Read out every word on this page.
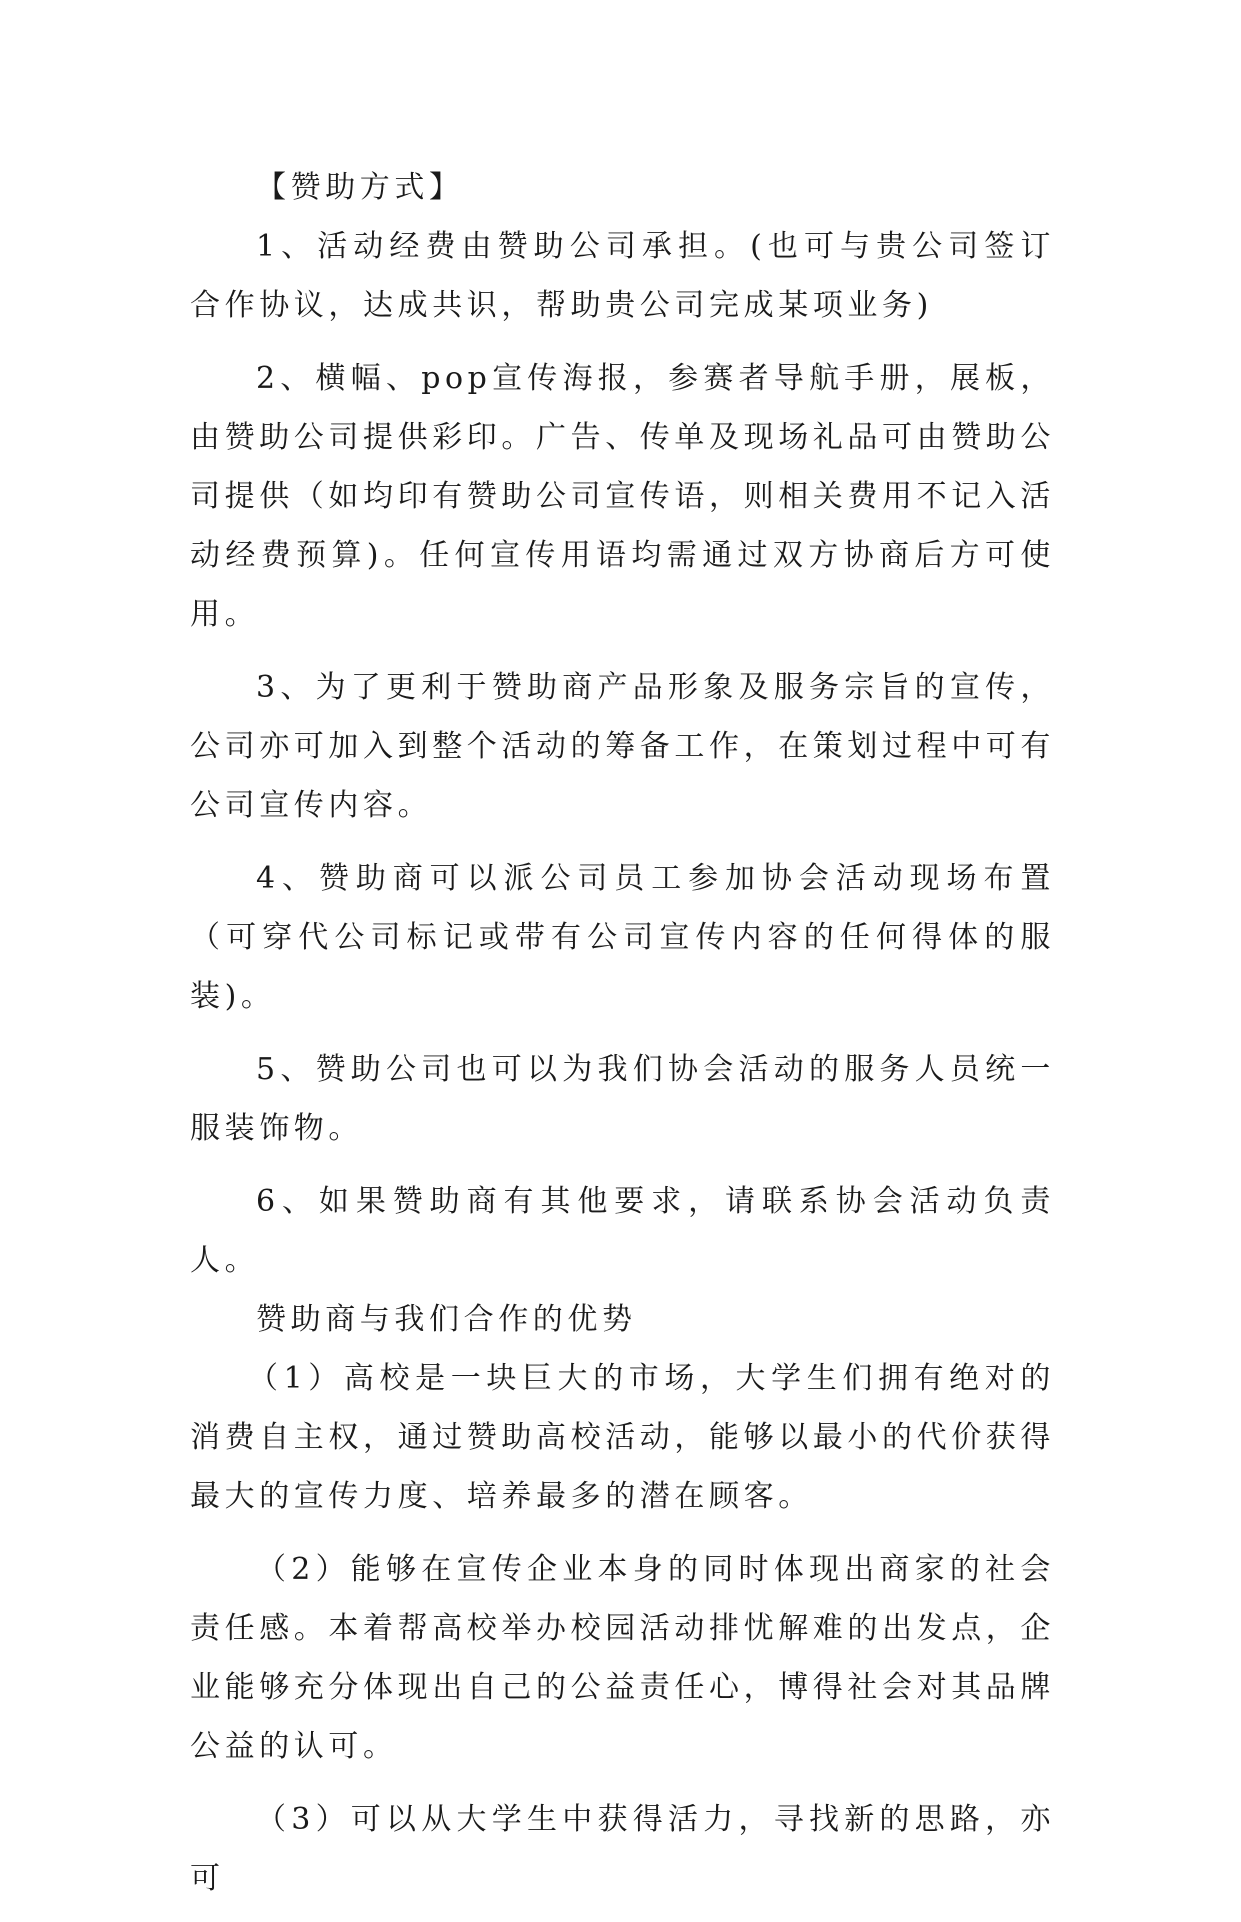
【赞助方式】

1、活动经费由赞助公司承担。(也可与贵公司签订合作协议，达成共识，帮助贵公司完成某项业务)

2、横幅、pop宣传海报，参赛者导航手册，展板，由赞助公司提供彩印。广告、传单及现场礼品可由赞助公司提供（如均印有赞助公司宣传语，则相关费用不记入活动经费预算)。任何宣传用语均需通过双方协商后方可使用。

3、为了更利于赞助商产品形象及服务宗旨的宣传，公司亦可加入到整个活动的筹备工作，在策划过程中可有公司宣传内容。

4、赞助商可以派公司员工参加协会活动现场布置（可穿代公司标记或带有公司宣传内容的任何得体的服装)。

5、赞助公司也可以为我们协会活动的服务人员统一服装饰物。

6、如果赞助商有其他要求，请联系协会活动负责人。

赞助商与我们合作的优势

（1）高校是一块巨大的市场，大学生们拥有绝对的消费自主权，通过赞助高校活动，能够以最小的代价获得最大的宣传力度、培养最多的潜在顾客。

（2）能够在宣传企业本身的同时体现出商家的社会责任感。本着帮高校举办校园活动排忧解难的出发点，企业能够充分体现出自己的公益责任心，博得社会对其品牌公益的认可。

（3）可以从大学生中获得活力，寻找新的思路，亦可
